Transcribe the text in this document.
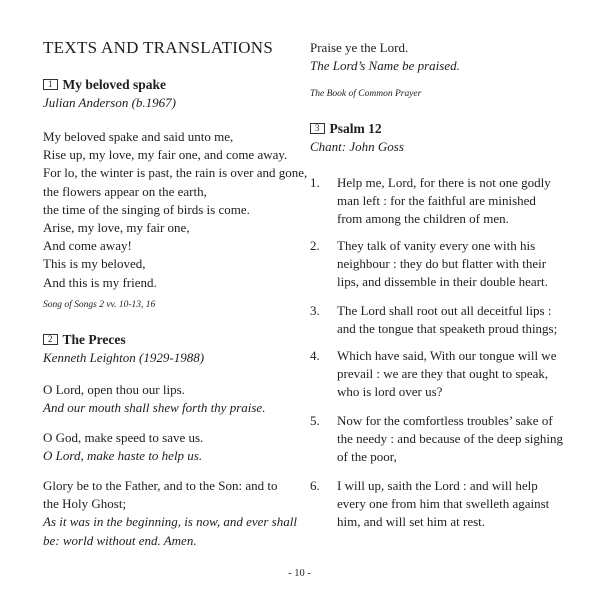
TEXTS AND TRANSLATIONS
1 My beloved spake
Julian Anderson (b.1967)
My beloved spake and said unto me,
Rise up, my love, my fair one, and come away.
For lo, the winter is past, the rain is over and gone,
the flowers appear on the earth,
the time of the singing of birds is come.
Arise, my love, my fair one,
And come away!
This is my beloved,
And this is my friend.
Song of Songs 2 vv. 10-13, 16
2 The Preces
Kenneth Leighton (1929-1988)
O Lord, open thou our lips.
And our mouth shall shew forth thy praise.
O God, make speed to save us.
O Lord, make haste to help us.
Glory be to the Father, and to the Son: and to
the Holy Ghost;
As it was in the beginning, is now, and ever shall
be: world without end. Amen.
Praise ye the Lord.
The Lord’s Name be praised.
The Book of Common Prayer
3 Psalm 12
Chant: John Goss
1. Help me, Lord, for there is not one godly
man left : for the faithful are minished
from among the children of men.
2. They talk of vanity every one with his
neighbour : they do but flatter with their
lips, and dissemble in their double heart.
3. The Lord shall root out all deceitful lips :
and the tongue that speaketh proud things;
4. Which have said, With our tongue will we
prevail : we are they that ought to speak,
who is lord over us?
5. Now for the comfortless troubles’ sake of
the needy : and because of the deep sighing
of the poor,
6. I will up, saith the Lord : and will help
every one from him that swelleth against
him, and will set him at rest.
- 10 -
